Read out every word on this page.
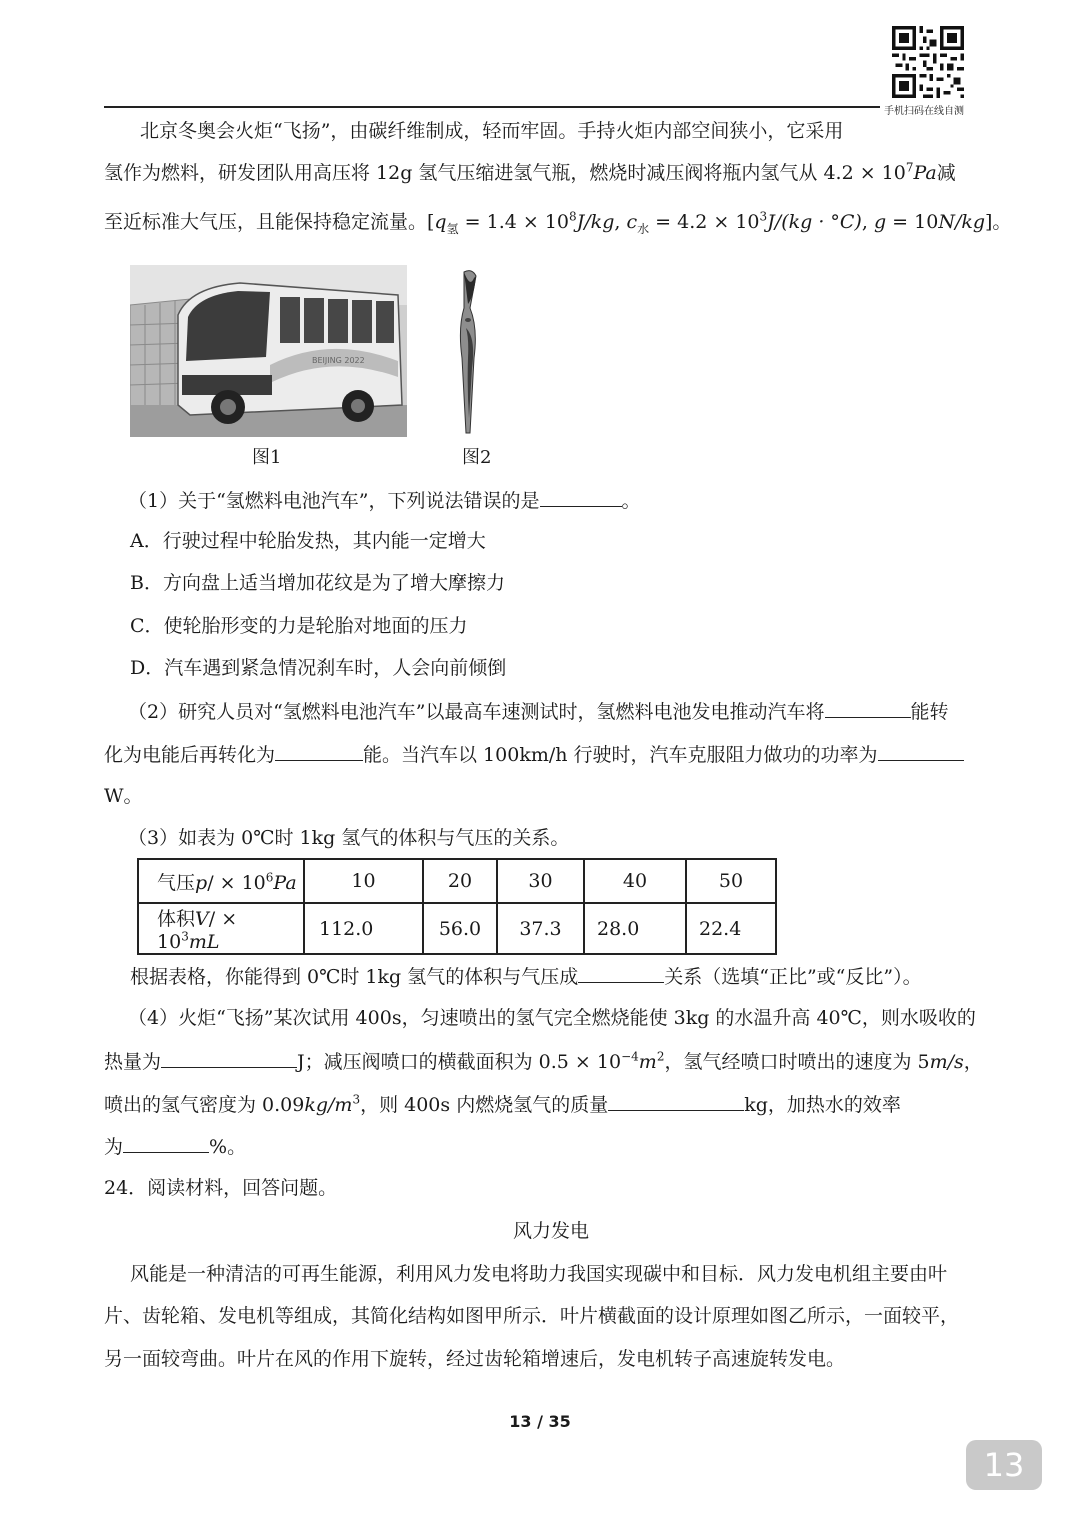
手机扫码在线自测
北京冬奥会火炬“飞扬”，由碳纤维制成，轻而牢固。手持火炬内部空间狭小，它采用
氢作为燃料，研发团队用高压将 12g 氢气压缩进氢气瓶，燃烧时减压阀将瓶内氢气从 $4.2 \times 10^7Pa$减
至近标准大气压，且能保持稳定流量。[$q_氢 = 1.4 \times 10^8J/kg$, $c_水 = 4.2 \times 10^3J/(kg \cdot ^\circ C)$, g = 10N/kg]。
BEIJING 2022
图1	图2
（1）关于“氢燃料电池汽车”，下列说法错误的是	。
A．行驶过程中轮胎发热，其内能一定增大
B．方向盘上适当增加花纹是为了增大摩擦力
C．使轮胎形变的力是轮胎对地面的压力
D．汽车遇到紧急情况刹车时，人会向前倾倒
（2）研究人员对“氢燃料电池汽车”以最高车速测试时，氢燃料电池发电推动汽车将	能转
化为电能后再转化为	能。当汽车以 100km/h 行驶时，汽车克服阻力做功的功率为
W。
（3）如表为 0℃时 1kg 氢气的体积与气压的关系。
气压$p/ \times 10^6Pa$	10	20	30	40	50
体积$V/ \times 10^3mL$	112.0	56.0	37.3	28.0	22.4
根据表格，你能得到 0℃时 1kg 氢气的体积与气压成	关系（选填“正比”或“反比”）。
（4）火炬“飞扬”某次试用 400s，匀速喷出的氢气完全燃烧能使 3kg 的水温升高 40℃，则水吸收的
热量为	J；减压阀喷口的横截面积为 $0.5 \times 10^{-4}m^2$，氢气经喷口时喷出的速度为 5m/s，
喷出的氢气密度为 $0.09kg/m^3$，则 400s 内燃烧氢气的质量	kg，加热水的效率
为	%。
24．阅读材料，回答问题。
风力发电
风能是一种清洁的可再生能源，利用风力发电将助力我国实现碳中和目标．风力发电机组主要由叶
片、齿轮箱、发电机等组成，其简化结构如图甲所示．叶片横截面的设计原理如图乙所示，一面较平，
另一面较弯曲。叶片在风的作用下旋转，经过齿轮箱增速后，发电机转子高速旋转发电。
13 / 35
13
